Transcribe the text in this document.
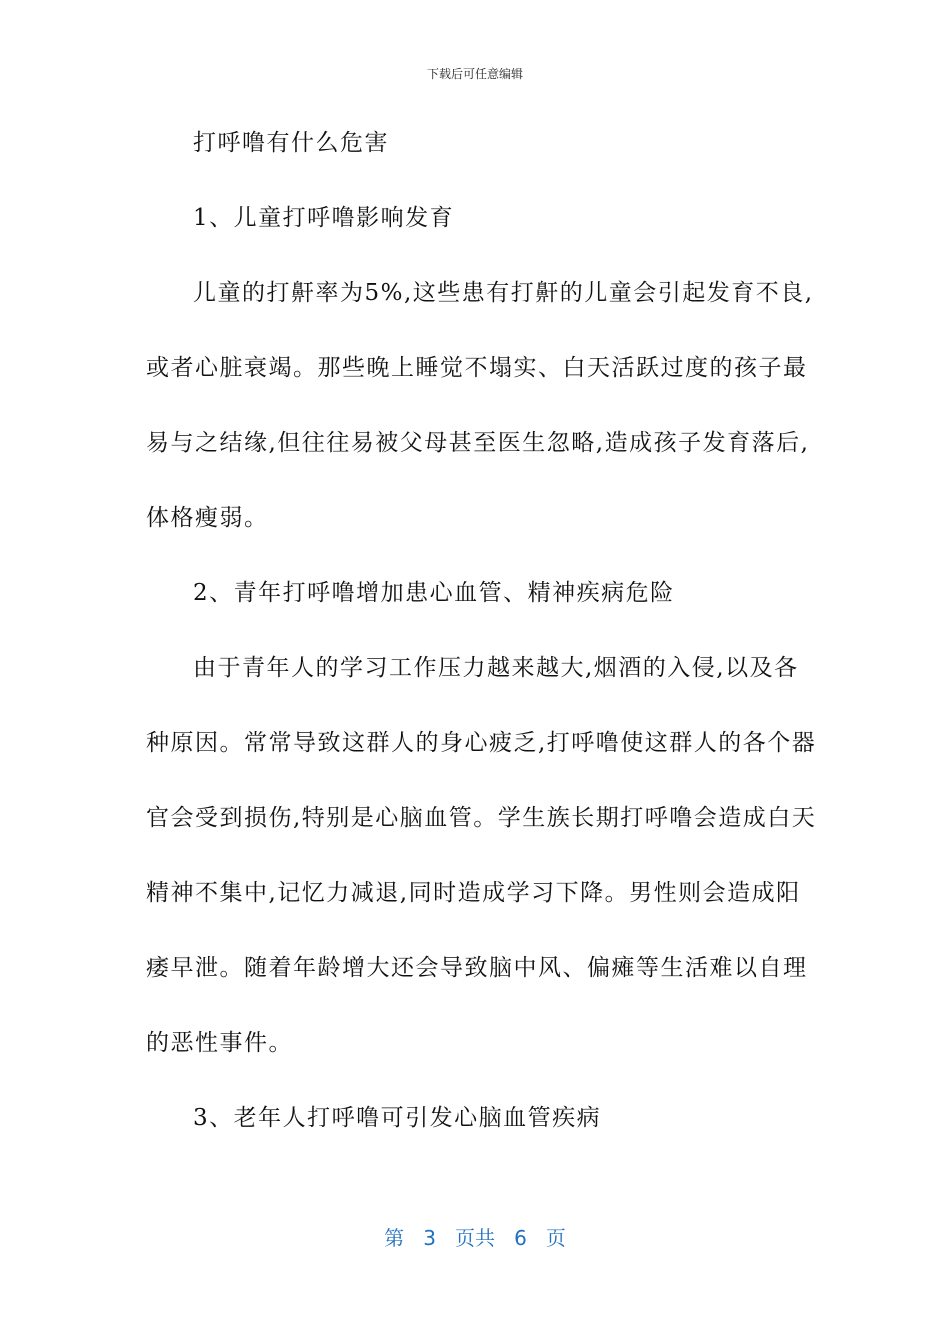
下载后可任意编辑
打呼噜有什么危害
1、儿童打呼噜影响发育
儿童的打鼾率为5%,这些患有打鼾的儿童会引起发育不良,
或者心脏衰竭。那些晚上睡觉不塌实、白天活跃过度的孩子最
易与之结缘,但往往易被父母甚至医生忽略,造成孩子发育落后,
体格瘦弱。
2、青年打呼噜增加患心血管、精神疾病危险
由于青年人的学习工作压力越来越大,烟酒的入侵,以及各
种原因。常常导致这群人的身心疲乏,打呼噜使这群人的各个器
官会受到损伤,特别是心脑血管。学生族长期打呼噜会造成白天
精神不集中,记忆力减退,同时造成学习下降。男性则会造成阳
痿早泄。随着年龄增大还会导致脑中风、偏瘫等生活难以自理
的恶性事件。
3、老年人打呼噜可引发心脑血管疾病
第 3 页共 6 页
